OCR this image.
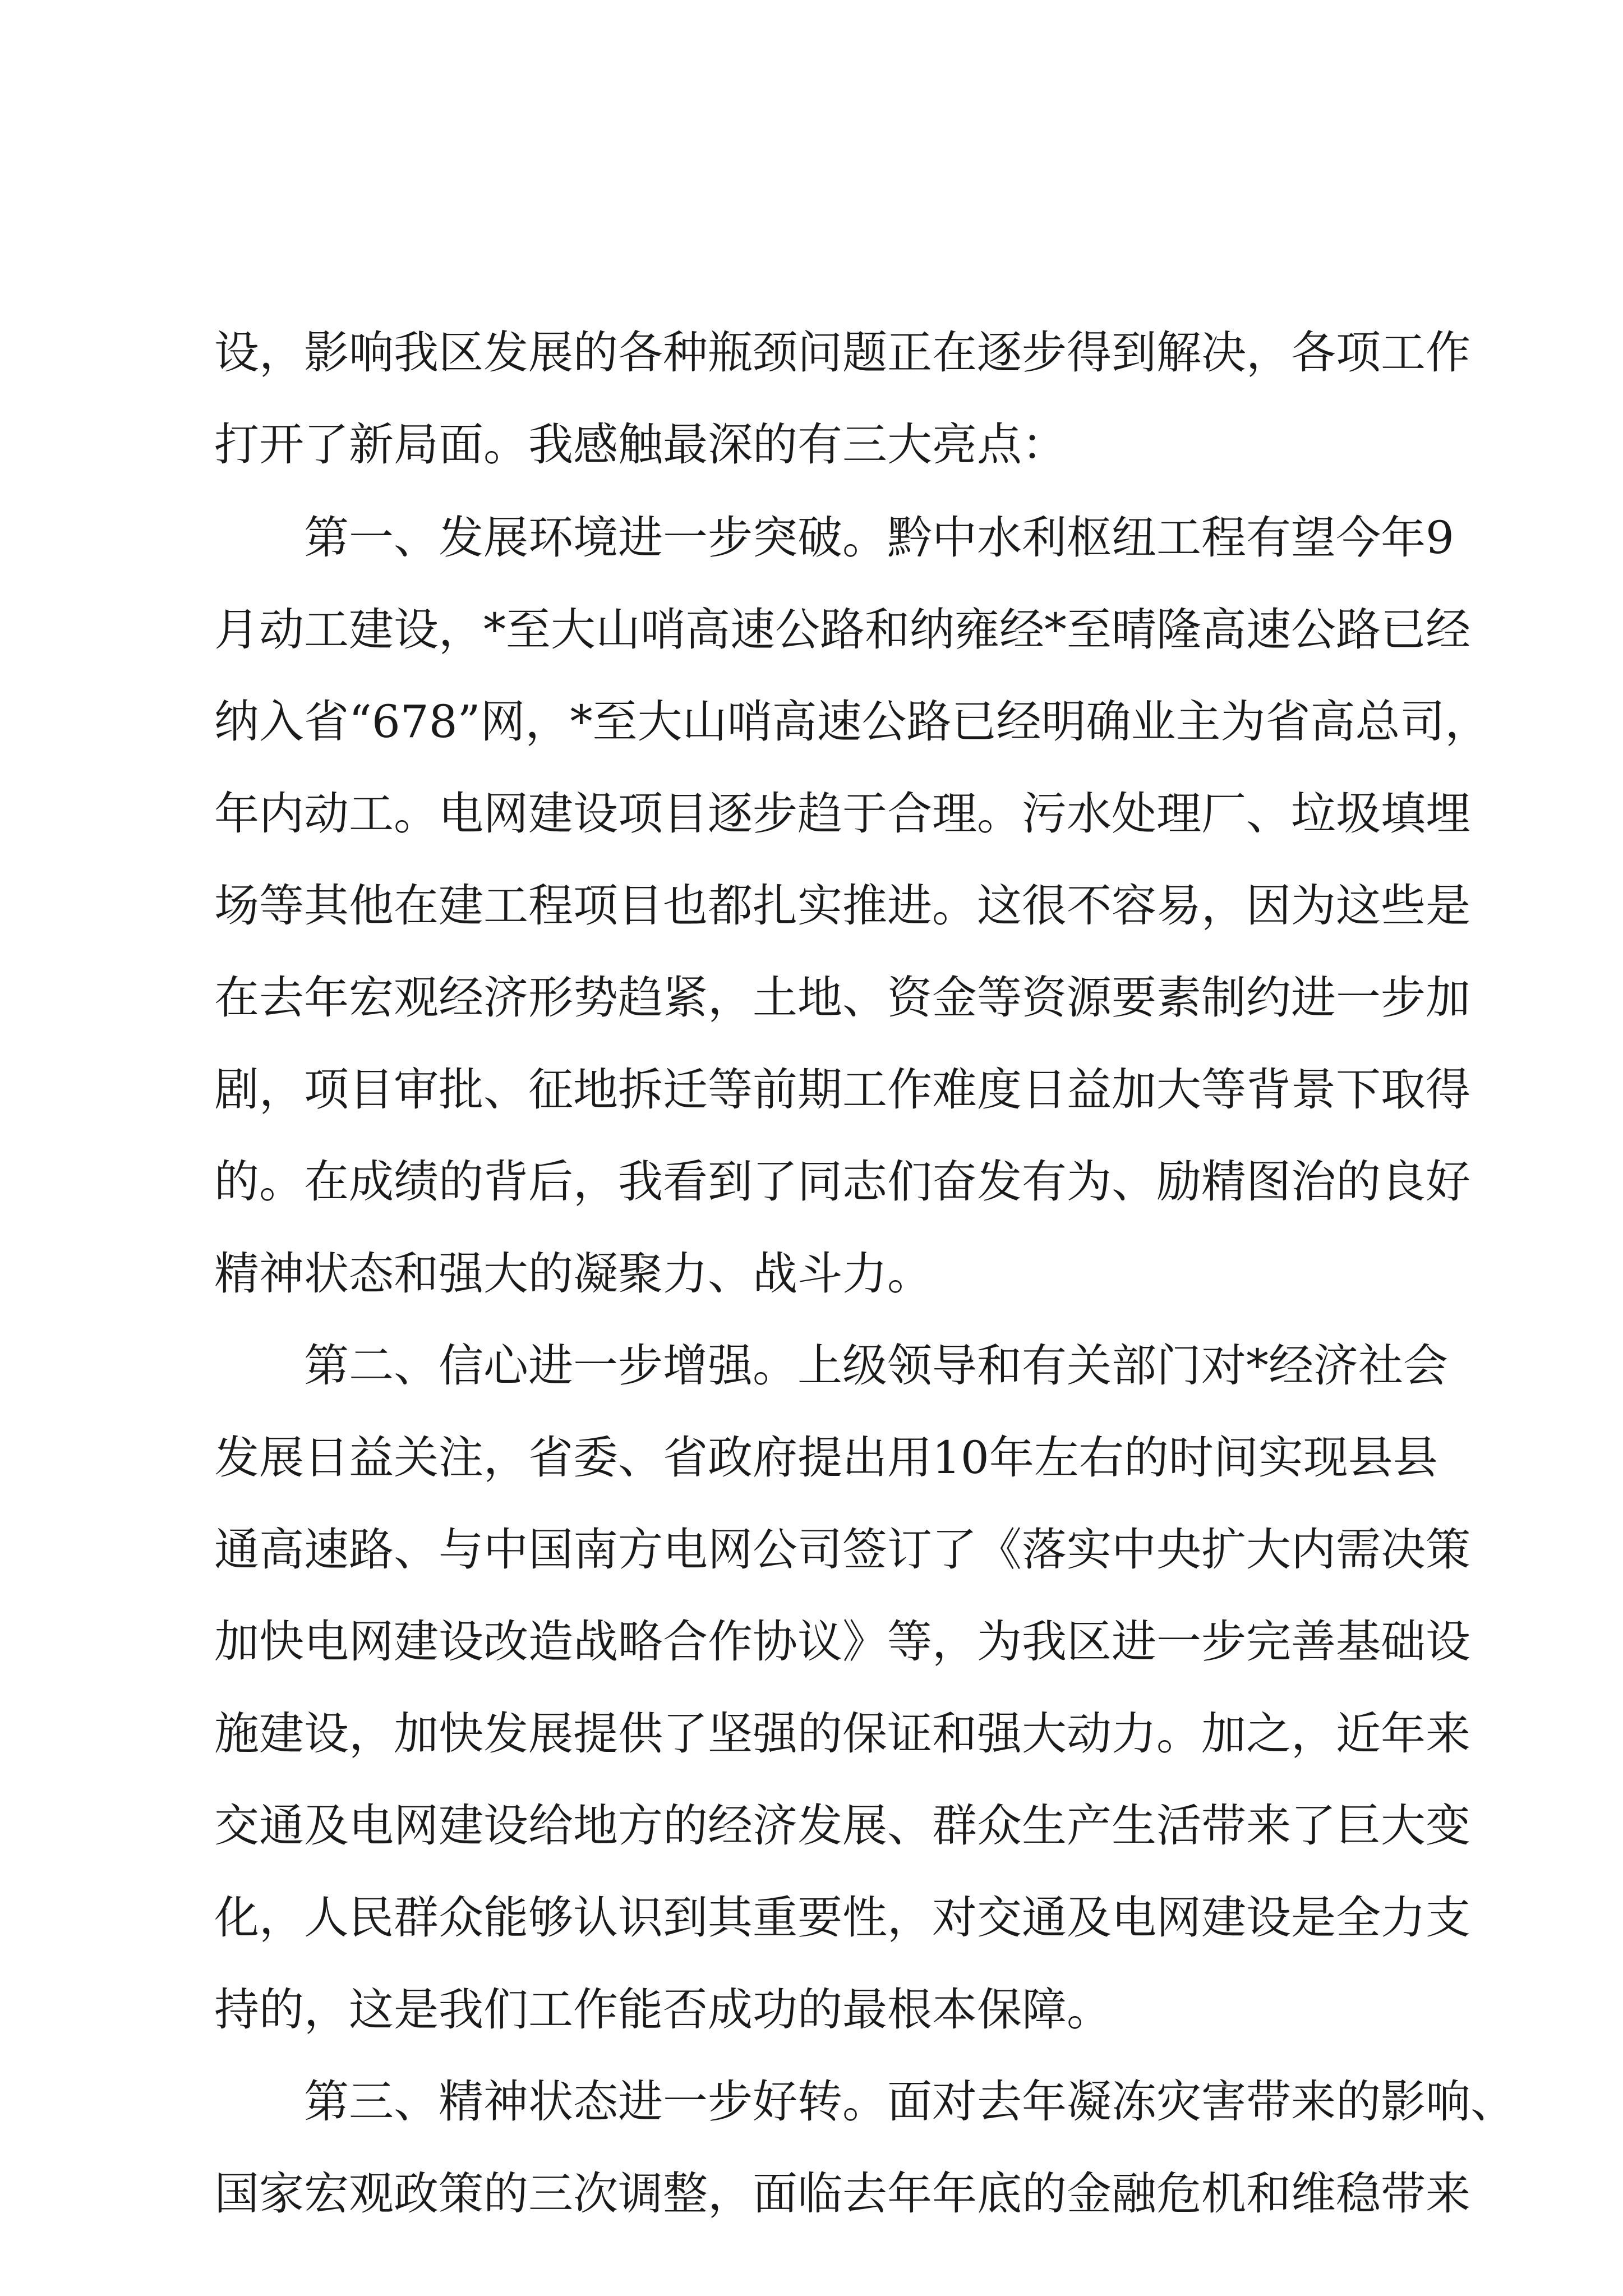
设，影响我区发展的各种瓶颈问题正在逐步得到解决，各项工作
打开了新局面。我感触最深的有三大亮点：
第一、发展环境进一步突破。黔中水利枢纽工程有望今年9
月动工建设，*至大山哨高速公路和纳雍经*至晴隆高速公路已经
纳入省“678”网，*至大山哨高速公路已经明确业主为省高总司，
年内动工。电网建设项目逐步趋于合理。污水处理厂、垃圾填埋
场等其他在建工程项目也都扎实推进。这很不容易，因为这些是
在去年宏观经济形势趋紧，土地、资金等资源要素制约进一步加
剧，项目审批、征地拆迁等前期工作难度日益加大等背景下取得
的。在成绩的背后，我看到了同志们奋发有为、励精图治的良好
精神状态和强大的凝聚力、战斗力。
第二、信心进一步增强。上级领导和有关部门对*经济社会
发展日益关注，省委、省政府提出用10年左右的时间实现县县
通高速路、与中国南方电网公司签订了《落实中央扩大内需决策
加快电网建设改造战略合作协议》等，为我区进一步完善基础设
施建设，加快发展提供了坚强的保证和强大动力。加之，近年来
交通及电网建设给地方的经济发展、群众生产生活带来了巨大变
化，人民群众能够认识到其重要性，对交通及电网建设是全力支
持的，这是我们工作能否成功的最根本保障。
第三、精神状态进一步好转。面对去年凝冻灾害带来的影响、
国家宏观政策的三次调整，面临去年年底的金融危机和维稳带来
